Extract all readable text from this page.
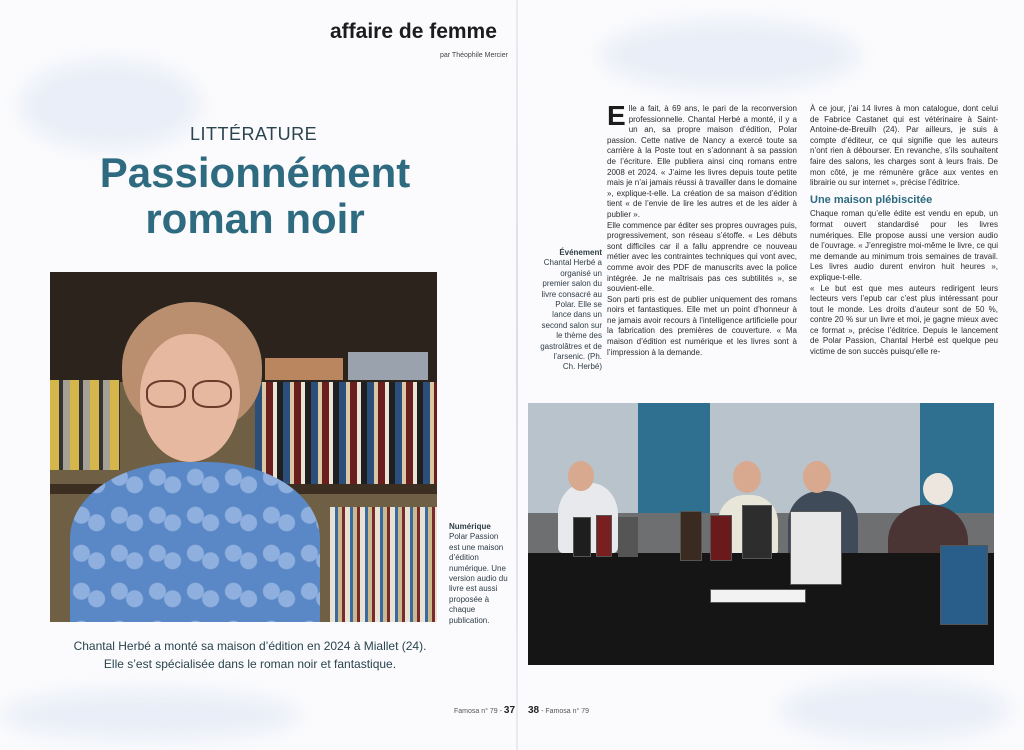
affaire de femme
par Théophile Mercier
LITTÉRATURE
Passionnément
roman noir
Événement
Chantal Herbé a organisé un premier salon du livre consacré au Polar. Elle se lance dans un second salon sur le thème des gastrolâtres et de l’arsenic. (Ph. Ch. Herbé)
Numérique
Polar Passion est une maison d’édition numérique. Une version audio du livre est aussi proposée à chaque publication.
Chantal Herbé a monté sa maison d’édition en 2024 à Miallet (24).
Elle s’est spécialisée dans le roman noir et fantastique.
E lle a fait, à 69 ans, le pari de la reconversion professionnelle. Chantal Herbé a monté, il y a un an, sa propre maison d’édition, Polar passion. Cette native de Nancy a exercé toute sa carrière à la Poste tout en s’adonnant à sa passion de l’écriture. Elle publiera ainsi cinq romans entre 2008 et 2024. « J’aime les livres depuis toute petite mais je n’ai jamais réussi à travailler dans le domaine », explique-t-elle. La création de sa maison d’édition tient « de l’envie de lire les autres et de les aider à publier ».

Elle commence par éditer ses propres ouvrages puis, progressivement, son réseau s’étoffe. « Les débuts sont difficiles car il a fallu apprendre ce nouveau métier avec les contraintes techniques qui vont avec, comme avoir des PDF de manuscrits avec la police intégrée. Je ne maîtrisais pas ces subtilités », se souvient-elle.

Son parti pris est de publier uniquement des romans noirs et fantastiques. Elle met un point d’honneur à ne jamais avoir recours à l’intelligence artificielle pour la fabrication des premières de couverture. « Ma maison d’édition est numérique et les livres sont à l’impression à la demande.

À ce jour, j’ai 14 livres à mon catalogue, dont celui de Fabrice Castanet qui est vétérinaire à Saint-Antoine-de-Breuilh (24). Par ailleurs, je suis à compte d’éditeur, ce qui signifie que les auteurs n’ont rien à débourser. En revanche, s’ils souhaitent faire des salons, les charges sont à leurs frais. De mon côté, je me rémunère grâce aux ventes en librairie ou sur internet », précise l’éditrice.

Une maison plébiscitée

Chaque roman qu’elle édite est vendu en epub, un format ouvert standardisé pour les livres numériques. Elle propose aussi une version audio de l’ouvrage. « J’enregistre moi-même le livre, ce qui me demande au minimum trois semaines de travail. Les livres audio durent environ huit heures », explique-t-elle.

« Le but est que mes auteurs redirigent leurs lecteurs vers l’epub car c’est plus intéressant pour tout le monde. Les droits d’auteur sont de 50 %, contre 20 % sur un livre et moi, je gagne mieux avec ce format », précise l’éditrice. Depuis le lancement de Polar Passion, Chantal Herbé est quelque peu victime de son succès puisqu’elle re-

Famosa n° 79 - 37 38 - Famosa n° 79
